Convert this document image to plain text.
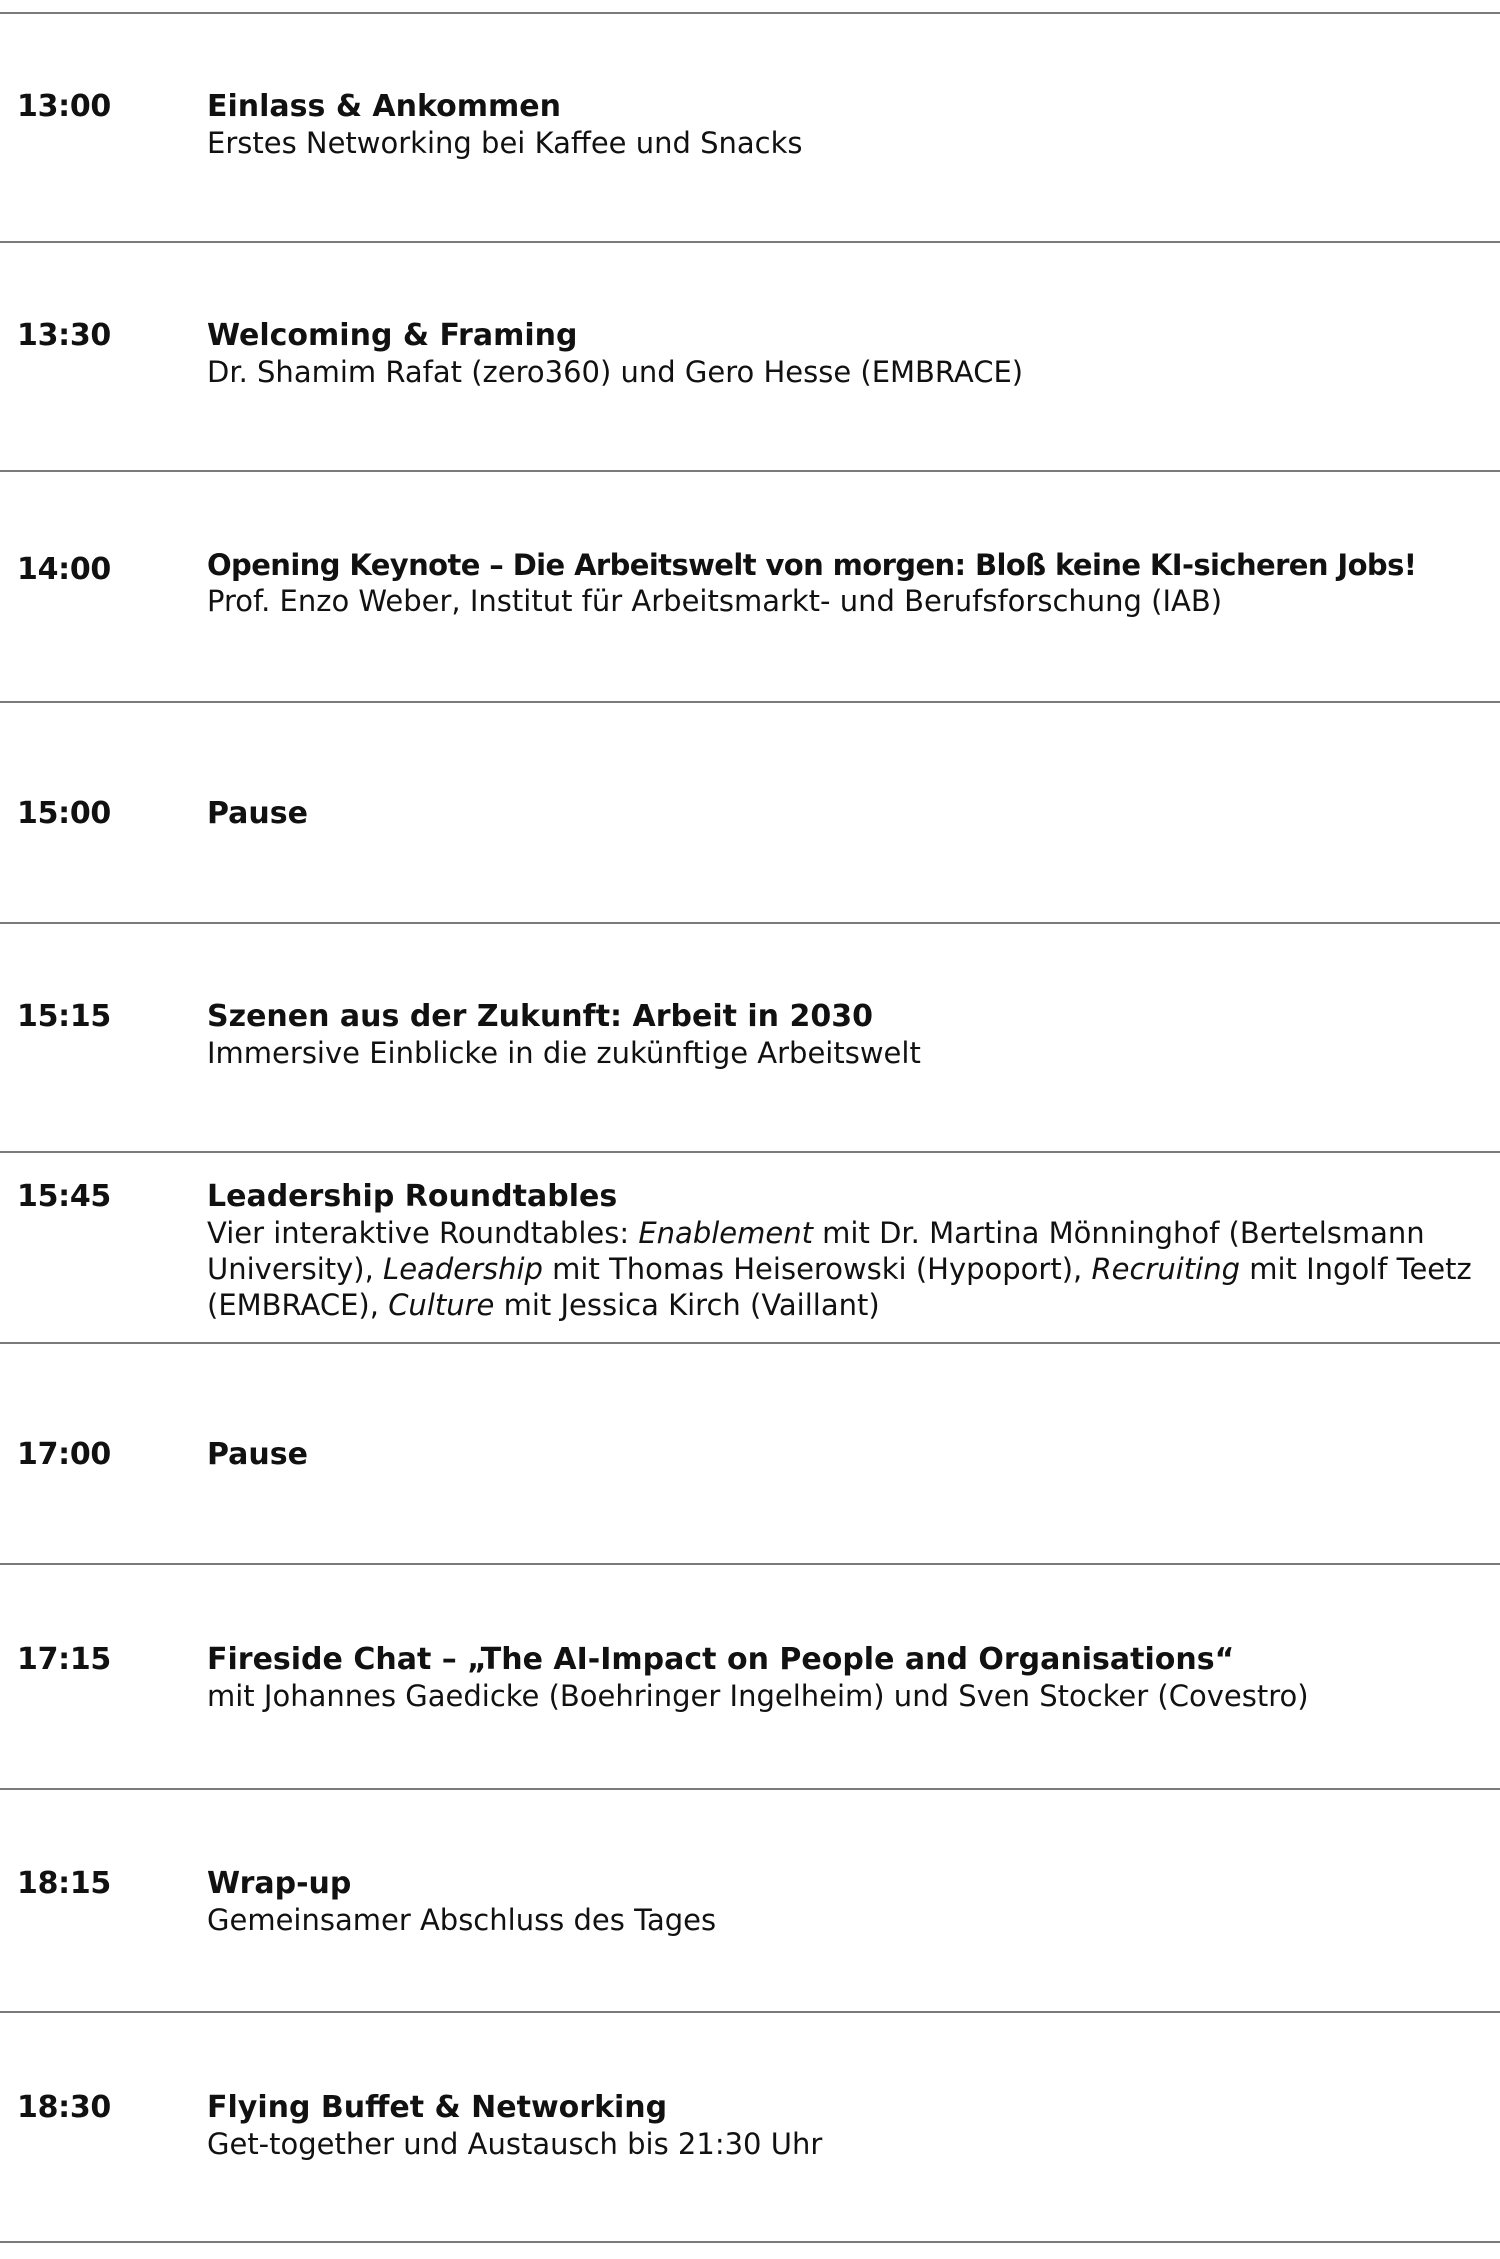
13:00	Einlass & Ankommen
Erstes Networking bei Kaffee und Snacks
13:30	Welcoming & Framing
Dr. Shamim Rafat (zero360) und Gero Hesse (EMBRACE)
14:00	Opening Keynote – Die Arbeitswelt von morgen: Bloß keine KI-sicheren Jobs!
Prof. Enzo Weber, Institut für Arbeitsmarkt- und Berufsforschung (IAB)
15:00	Pause
15:15	Szenen aus der Zukunft: Arbeit in 2030
Immersive Einblicke in die zukünftige Arbeitswelt
15:45	Leadership Roundtables
Vier interaktive Roundtables: Enablement mit Dr. Martina Mönninghof (Bertelsmann University), Leadership mit Thomas Heiserowski (Hypoport), Recruiting mit Ingolf Teetz (EMBRACE), Culture mit Jessica Kirch (Vaillant)
17:00	Pause
17:15	Fireside Chat – „The AI-Impact on People and Organisations“
mit Johannes Gaedicke (Boehringer Ingelheim) und Sven Stocker (Covestro)
18:15	Wrap-up
Gemeinsamer Abschluss des Tages
18:30	Flying Buffet & Networking
Get-together und Austausch bis 21:30 Uhr
